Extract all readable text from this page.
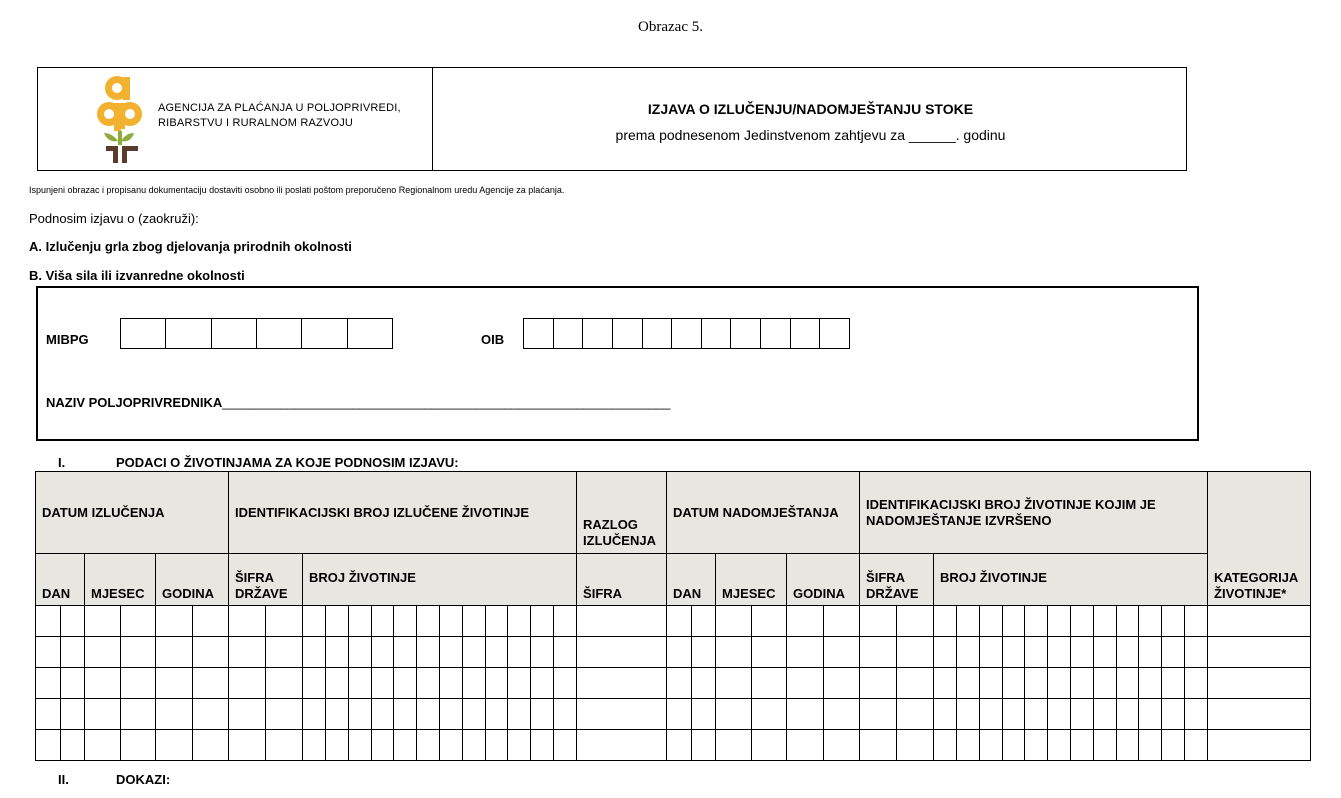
Obrazac 5.
AGENCIJA ZA PLAĆANJA U POLJOPRIVREDI,
RIBARSTVU I RURALNOM RAZVOJU
IZJAVA O IZLUČENJU/NADOMJEŠTANJU STOKE
prema podnesenom Jedinstvenom zahtjevu za ______. godinu
Ispunjeni obrazac i propisanu dokumentaciju dostaviti osobno ili poslati poštom preporučeno Regionalnom uredu Agencije za plaćanja.
Podnosim izjavu o (zaokruži):
A. Izlučenju grla zbog djelovanja prirodnih okolnosti
B. Viša sila ili izvanredne okolnosti
MIBPG	OIB
NAZIV POLJOPRIVREDNIKA______________________________________________________________
I.	PODACI O ŽIVOTINJAMA ZA KOJE PODNOSIM IZJAVU:
DATUM IZLUČENJA			IDENTIFIKACIJSKI BROJ IZLUČENE ŽIVOTINJE		RAZLOG IZLUČENJA	DATUM NADOMJEŠTANJA			IDENTIFIKACIJSKI BROJ ŽIVOTINJE KOJIM JE NADOMJEŠTANJE IZVRŠENO		KATEGORIJA ŽIVOTINJE*
DAN	MJESEC	GODINA	ŠIFRA DRŽAVE	BROJ ŽIVOTINJE	ŠIFRA	DAN	MJESEC	GODINA	ŠIFRA DRŽAVE	BROJ ŽIVOTINJE	

II.	DOKAZI:
